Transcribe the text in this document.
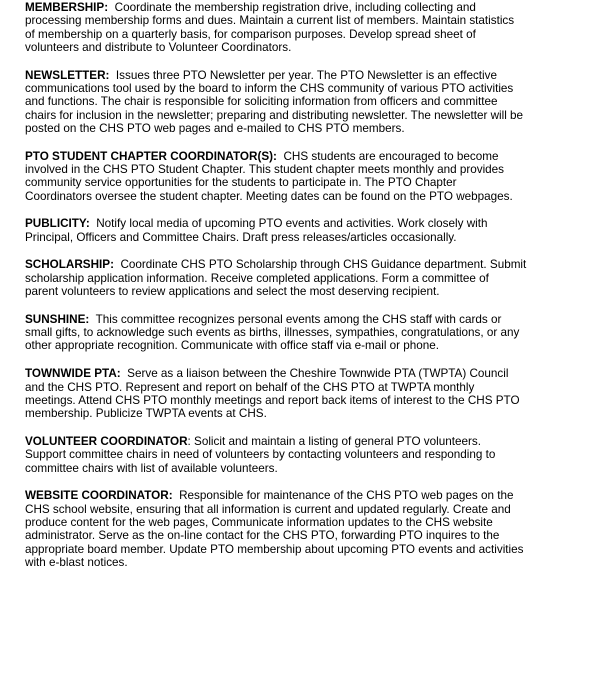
MEMBERSHIP: Coordinate the membership registration drive, including collecting and
processing membership forms and dues. Maintain a current list of members. Maintain statistics
of membership on a quarterly basis, for comparison purposes. Develop spread sheet of
volunteers and distribute to Volunteer Coordinators.
NEWSLETTER: Issues three PTO Newsletter per year. The PTO Newsletter is an effective
communications tool used by the board to inform the CHS community of various PTO activities
and functions. The chair is responsible for soliciting information from officers and committee
chairs for inclusion in the newsletter; preparing and distributing newsletter. The newsletter will be
posted on the CHS PTO web pages and e-mailed to CHS PTO members.
PTO STUDENT CHAPTER COORDINATOR(S): CHS students are encouraged to become
involved in the CHS PTO Student Chapter. This student chapter meets monthly and provides
community service opportunities for the students to participate in. The PTO Chapter
Coordinators oversee the student chapter. Meeting dates can be found on the PTO webpages.
PUBLICITY: Notify local media of upcoming PTO events and activities. Work closely with
Principal, Officers and Committee Chairs. Draft press releases/articles occasionally.
SCHOLARSHIP: Coordinate CHS PTO Scholarship through CHS Guidance department. Submit
scholarship application information. Receive completed applications. Form a committee of
parent volunteers to review applications and select the most deserving recipient.
SUNSHINE: This committee recognizes personal events among the CHS staff with cards or
small gifts, to acknowledge such events as births, illnesses, sympathies, congratulations, or any
other appropriate recognition. Communicate with office staff via e-mail or phone.
TOWNWIDE PTA: Serve as a liaison between the Cheshire Townwide PTA (TWPTA) Council
and the CHS PTO. Represent and report on behalf of the CHS PTO at TWPTA monthly
meetings. Attend CHS PTO monthly meetings and report back items of interest to the CHS PTO
membership. Publicize TWPTA events at CHS.
VOLUNTEER COORDINATOR: Solicit and maintain a listing of general PTO volunteers.
Support committee chairs in need of volunteers by contacting volunteers and responding to
committee chairs with list of available volunteers.
WEBSITE COORDINATOR: Responsible for maintenance of the CHS PTO web pages on the
CHS school website, ensuring that all information is current and updated regularly. Create and
produce content for the web pages, Communicate information updates to the CHS website
administrator. Serve as the on-line contact for the CHS PTO, forwarding PTO inquires to the
appropriate board member. Update PTO membership about upcoming PTO events and activities
with e-blast notices.
